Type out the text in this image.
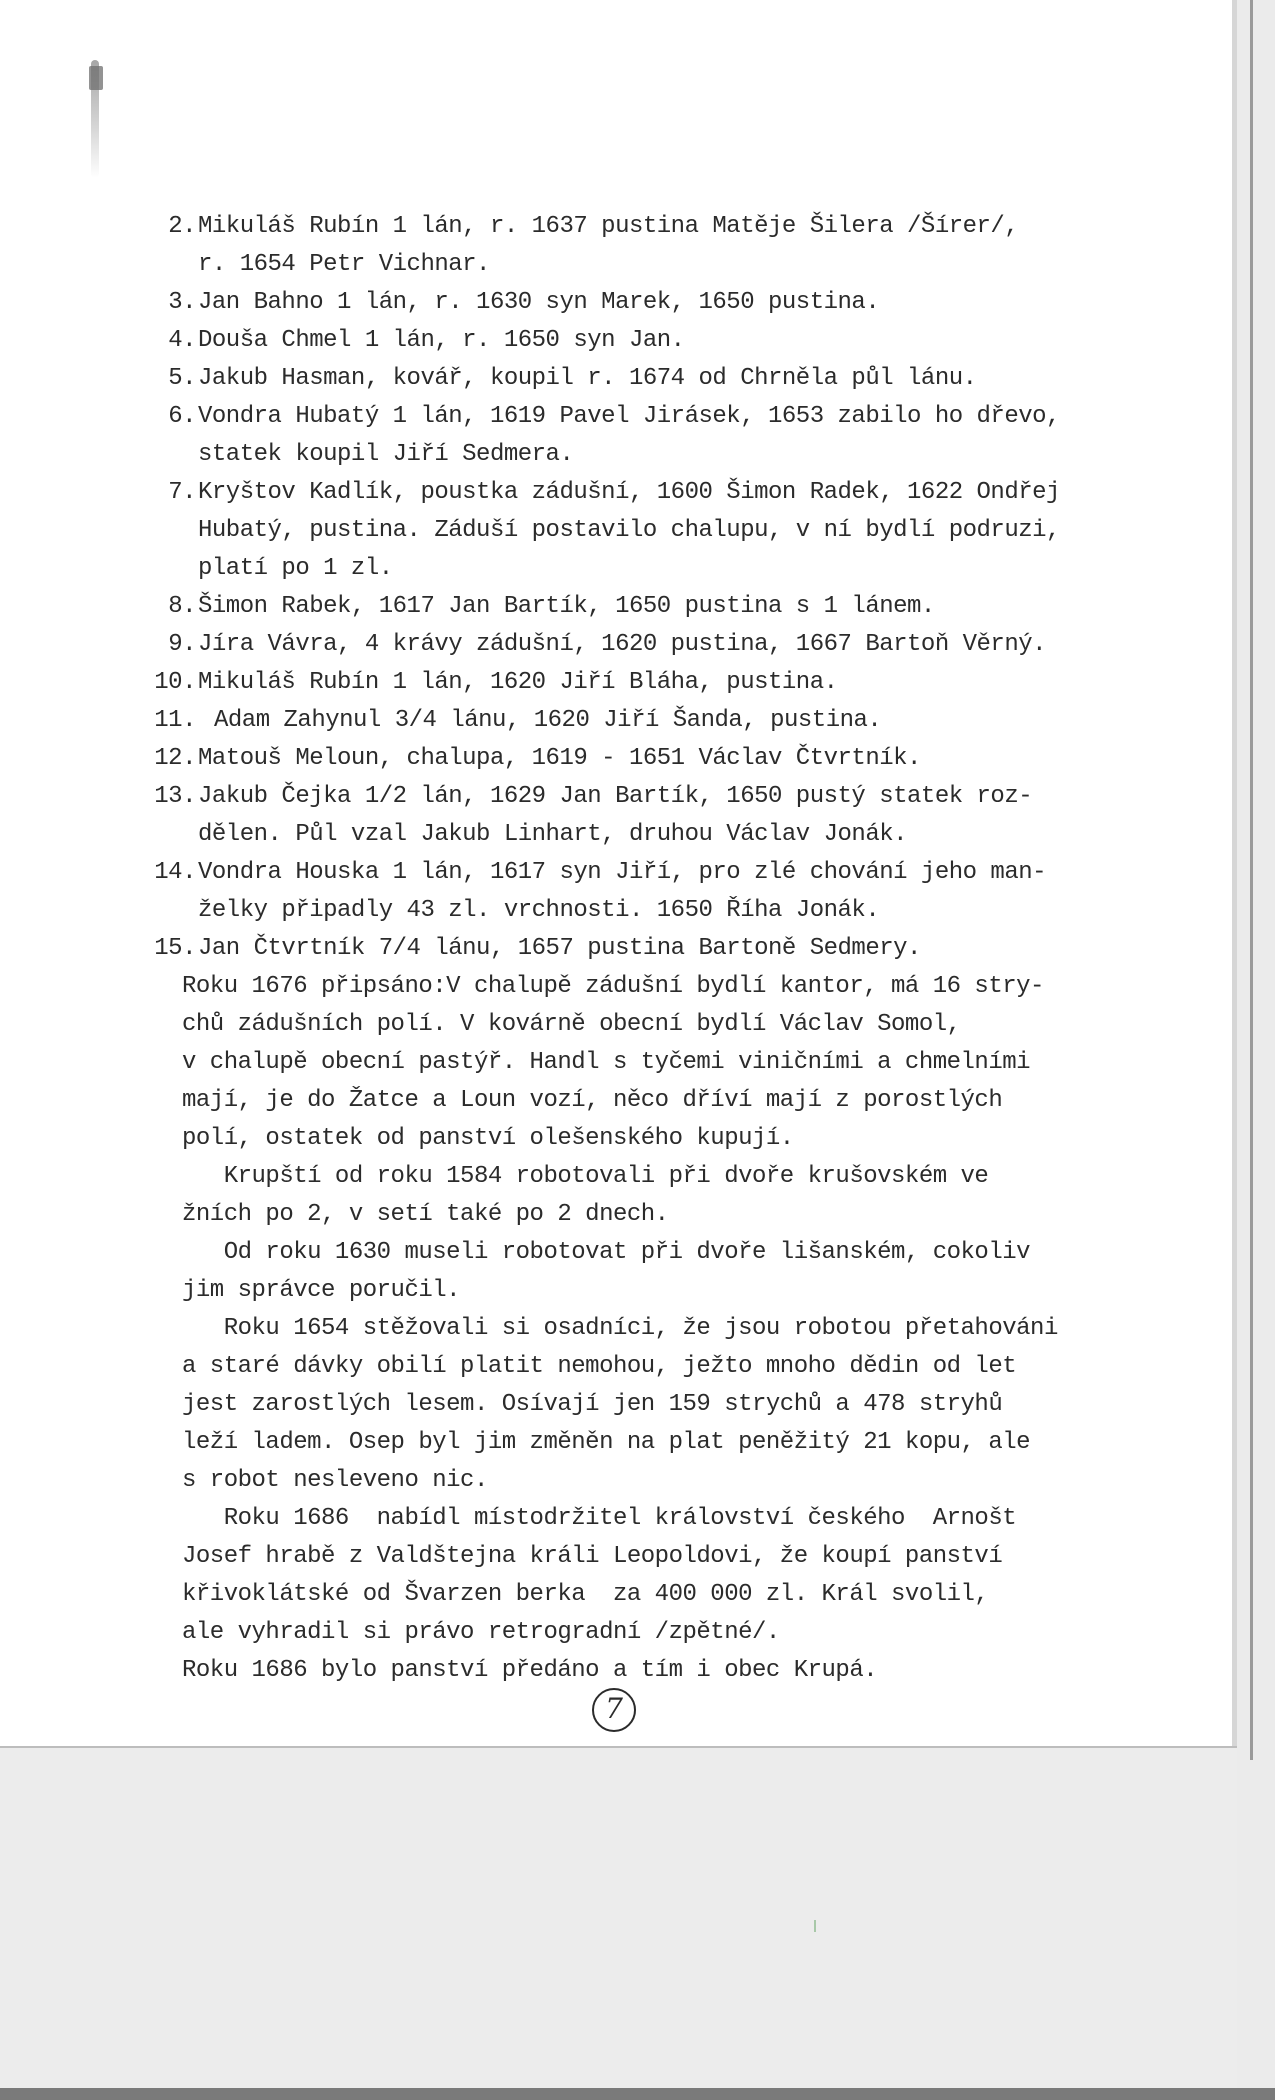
2. Mikuláš Rubín 1 lán, r. 1637 pustina Matěje Šilera /Šírer/,
r. 1654 Petr Vichnar.
3. Jan Bahno 1 lán, r. 1630 syn Marek, 1650 pustina.
4. Douša Chmel 1 lán, r. 1650 syn Jan.
5. Jakub Hasman, kovář, koupil r. 1674 od Chrněla půl lánu.
6. Vondra Hubatý 1 lán, 1619 Pavel Jirásek, 1653 zabilo ho dřevo,
statek koupil Jiří Sedmera.
7. Kryštov Kadlík, poustka zádušní, 1600 Šimon Radek, 1622 Ondřej
Hubatý, pustina. Záduší postavilo chalupu, v ní bydlí podruzi,
platí po 1 zl.
8. Šimon Rabek, 1617 Jan Bartík, 1650 pustina s 1 lánem.
9. Jíra Vávra, 4 krávy zádušní, 1620 pustina, 1667 Bartoň Věrný.
10. Mikuláš Rubín 1 lán, 1620 Jiří Bláha, pustina.
11. Adam Zahynul 3/4 lánu, 1620 Jiří Šanda, pustina.
12. Matouš Meloun, chalupa, 1619 - 1651 Václav Čtvrtník.
13. Jakub Čejka 1/2 lán, 1629 Jan Bartík, 1650 pustý statek roz-
dělen. Půl vzal Jakub Linhart, druhou Václav Jonák.
14. Vondra Houska 1 lán, 1617 syn Jiří, pro zlé chování jeho man-
želky připadly 43 zl. vrchnosti. 1650 Říha Jonák.
15. Jan Čtvrtník 7/4 lánu, 1657 pustina Bartoně Sedmery.
Roku 1676 připsáno:V chalupě zádušní bydlí kantor, má 16 stry-
chů zádušních polí. V kovárně obecní bydlí Václav Somol,
v chalupě obecní pastýř. Handl s tyčemi viničními a chmelními
mají, je do Žatce a Loun vozí, něco dříví mají z porostlých
polí, ostatek od panství olešenského kupují.
Krupští od roku 1584 robotovali při dvoře krušovském ve
žních po 2, v setí také po 2 dnech.
Od roku 1630 museli robotovat při dvoře lišanském, cokoliv
jim správce poručil.
Roku 1654 stěžovali si osadníci, že jsou robotou přetahováni
a staré dávky obilí platit nemohou, ježto mnoho dědin od let
jest zarostlých lesem. Osívají jen 159 strychů a 478 stryhů
leží ladem. Osep byl jim změněn na plat peněžitý 21 kopu, ale
s robot nesleveno nic.
Roku 1686  nabídl místodržitel království českého  Arnošt
Josef hrabě z Valdštejna králi Leopoldovi, že koupí panství
křivoklátské od Švarzen berka  za 400 000 zl. Král svolil,
ale vyhradil si právo retrogradní /zpětné/.
Roku 1686 bylo panství předáno a tím i obec Krupá.
7
